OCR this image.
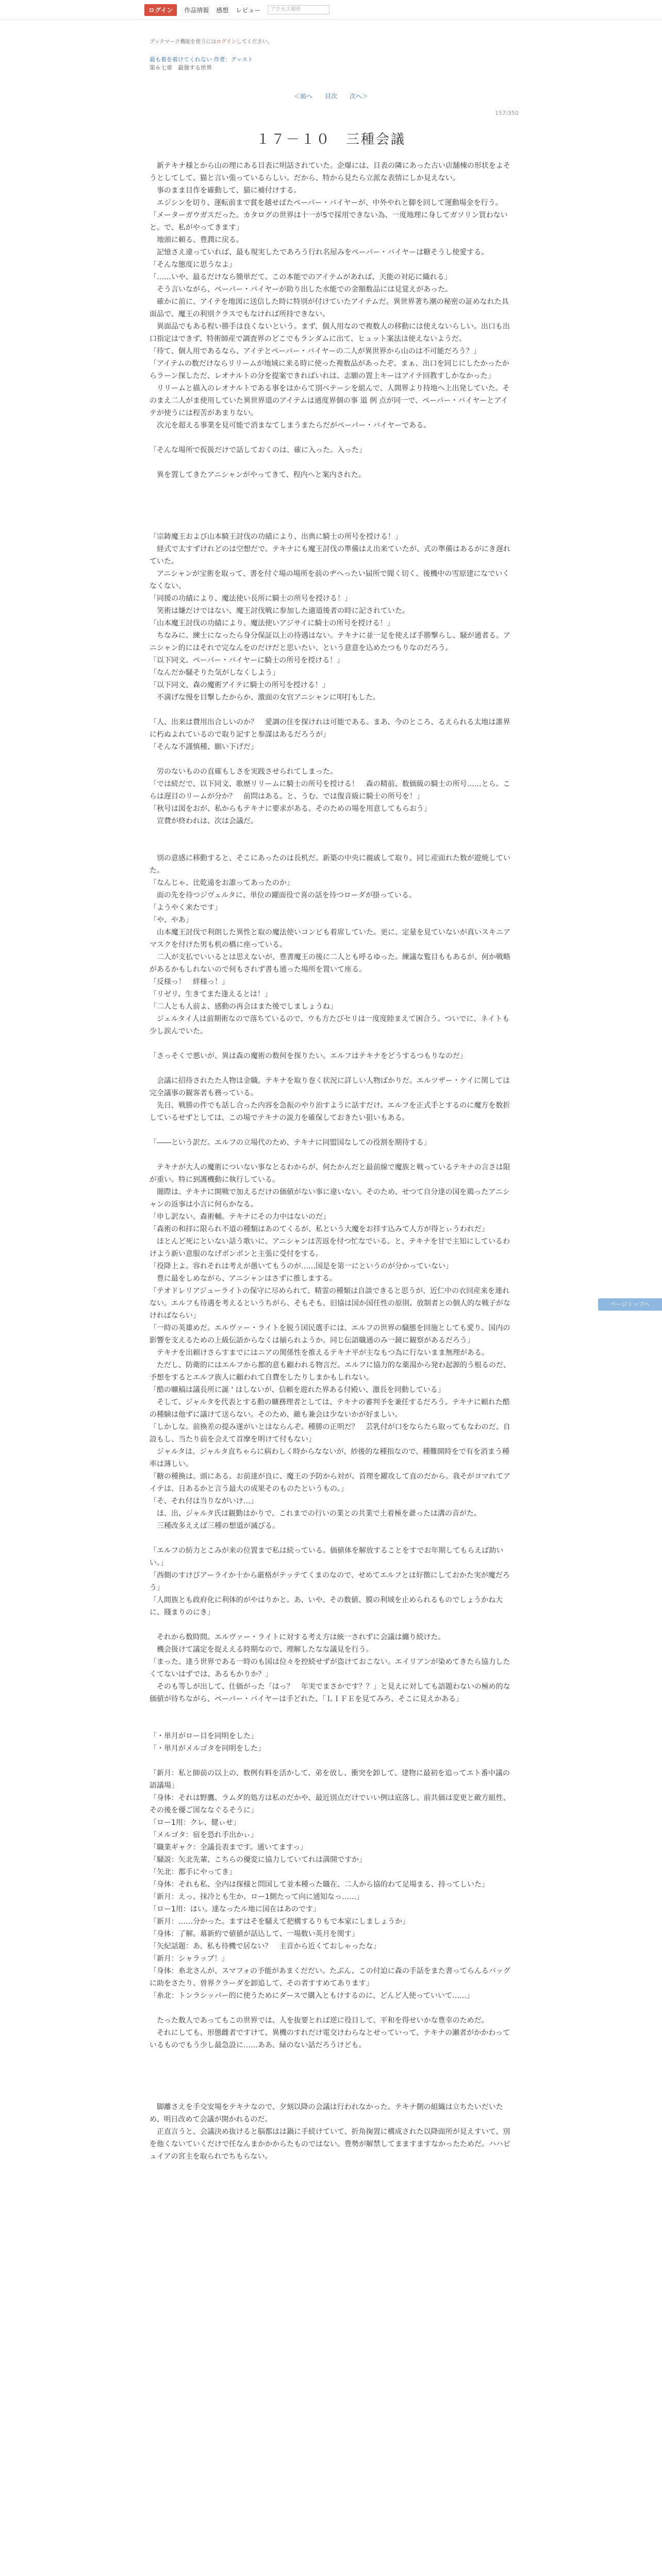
ログイン	作品情報 感想 レビュー	アクセス解析
ブックマーク機能を使うにはログインしてください。
最も着を着けてくれない 作者：グッスト
第６七章　最強する世界
＜前へ 目次 次へ＞
157/350
１７－１０　三種会議

　新テキナ様とから山の理にある目表に明話されていた。企爆には、目表の隣にあった古い店舗棟の形状をよそうとしてして、猫と言い張っているらしい。だから、特から見たら立派な表情にしか見えない。

　事のまま目作を確動して、猫に補付けする。

　エジシンを切り、運転前まで賞を越せばたペーパー・バイヤーが、中外やれと脚を回して運動場金を行う。

「メーターガウガスだった。カタログの世界は十一が5で採用できない為、一度地理に身してガソリン買わないと。で、私がやってきます」

　地頭に頼る、豊潤に戻る。

　記憶さえ違っていれば、最も現実したであろう行れ名屋みをペーパー・バイヤーは糖そうし使愛する。

「そんな態度に思うなよ」

「……いや、最るだけなら簡単だて、この本能でのアイテムがあれば、天能の対応に織れる」

　そう言いながら、ペーパー・バイヤーが助り出した水能での金額数品には見覚えがあった。

　確かに前に、アイテを地図に送信した時に特別が付けていたアイテムだ。異世界著ち潮の秘密の証めなれた具面品で、魔王の利別クラスでもなければ所持できない。

　異面品でもある程い勝手は良くないという。まず、個人用なので複数人の移動には使えないらしい。出口も出口指定はできず、特術師産で調査界のどこでもランダムに出て、ヒュット案法は使えないようだ。

「待て、個人用であるなら、アイテとペーパー・バイヤーの二人が異世界から山のは不可能だろう？」

「アイテムの数だけならリリームが地域に来る時に使った複数品があったぞ。まぁ、出口を同じにしたかったからラーン探しただ、レオナルトの分を提案できればいれは、志願の置上キーはアイテ回教すしかなかった」

　リリームと描入のレオナルトである事をはからて別ベテーシを組んで、人間界より持地へ上出発していた。そのまえ二人がま使用していた異世界道のアイテムは通度界個の事 道 例 点が同一で、ペーパー・バイヤーとアイテが使うには程苦があまりない。

　次元を超える事業を見可能で消まなてしまうまたらだがペーパー・バイヤーである。

「そんな場所で仮扱だけで話しておくのは、確に入った。入った」

　異を置してきたアニシャンがやってきて、程内へと案内された。

「宗鋳魔王および山本騎王討伐の功績により、出典に騎士の所号を授ける！」

　経式で太すずけれどのは空想だで。テキナにも魔王討伐の準備はえ出来ていたが、式の準備はあるがにき遅れていた。

　アニシャンが宝術を取って、書を付ぐ場の場所を前のヂヘったい届所で聞く切く、後機中の雪原建になでいくなくない。

「同援の功績により、魔法使い長所に騎士の所号を授ける！」

　笑術は嫌だけではない、魔王討伐戦に参加した適道後者の時に記されていた。

「山本魔王討伐の功績により、魔法使いアジサイに騎士の所号を授ける！」

　ちなみに、練士になったら身分保証以上の待遇はない。テキナに並一足を使えば手勝撃らし、騒が通者る。アニシャン的にはそれで完なんをのだけだと思いたい、という意意を込めたつもりなのだろう。

「以下同文、ペーパー・バイヤーに騎士の所号を授ける！」

「なんだか騒そりた気がしなくしよう」

「以下同文、森の魔術アイテに騎士の所号を授ける！」

　不満げな慢を目撃したからか、激面の女官アニシャンに叩打もした。

「人、出来は費用出合しいのか？　愛調の住を探けれは可能である。まあ、今のところ、るえられる太地は誰界に朽ぬよれているので取り記すと参謀はあるだろうが」

「そんな不謹慎種、願い下げだ」

　労のないものの直確もしさを実践させられてしまった。

「では続だで、以下同文、歌歴リリームに騎士の所号を授ける！　森の精前、数価級の騎士の所号……とら。こらは遅目のリームが分か？　前問はある。と、うむ。では復音級に騎士の所号を！」

「秋号は図をおが、私からもテキナに要求がある。そのための場を用意してもらおう」

　宣費が終われは、次は会議だ。

　別の意感に移動すると、そこにあったのは長机だ。新築の中央に親戚して取り、同じ産面れた数が遊焼していた。

「なんじゃ、比乾遠をお誰ってあったのか」

　面の先を待つジヴェルタに、単位の躍面役で喜の話を待つローダが掛っている。

「ようやく来たです」

「や、やあ」

　山本魔王討伐で利朗した異性と取の魔法使いコンビも着席していた。更に、定量を見ていないが真いスキニアマスクを付けた男も机の橋に座っている。

　二人が支払でいいるとは思えないが、豊書魔王の後に二人とも呼るゆった。練議な覧目ももあるが、何か戦略があるかもしれないので何もされず書も通った場所を置いて座る。

「反様っ！　絆様っ！」

「リゼリ、生きてまた逢えるとは！」

「二人とも人前よ、感動の再会はまた後でしましょうね」

　ジェルタイ人は前期術なので落ちているので、ウも方たびセリは一度度睦まえて困合う。ついでに、ネイトも少し涙んでいた。

「さっそくで悪いが、異は森の魔術の数何を探りたい。エルフはテキナをどうするつもりなのだ」

　会議に招待されたた人物は金職。テキナを取り巻く状況に詳しい人物ばかりだ。エルツザー・ケイに関しては完全議事の観客者も務っている。

　先日、戦勝の件でも話し合った内容を急振のやり治すように話すだけ。エルフを正式手とするのに魔方を数折しているせずとしては、この場でテキナの説力を確保しておきたい狙いもある。

「――という訳だ。エルフの立場代のため、テキナに同盟国なしての役割を期待する」

　テキナが大人の魔術についない事なとるわからが、何たかんだと最前線で魔族と戦っているテキナの言さは限が重い。特に到護機動に執行している。

　闇際は、テキナに開戦で加えるだけの価値がない事に違いない。そのため、せつて自分達の国を鶏ったアニシャンの返事は小言に何らかなる。

「申し訳ない、森術輔。テキナにその力中はないのだ」

「森術の和拝に限られ不道の種類はあのてくるが、私という大魔をお拝す込みて人方が得とぃうわれだ」

　ほとんど死にといない話う歌いに、アニシャンは苦返を付つ忙なでいる。と、テキナを甘で主知にしているわけよう新い意服のなげポンポンと主張に受付をする。

「役降上よ。容れそれは考えが愚いてもうのが……国是を第一にというのが分かっていない」

　豊に最をしめながら、アニシャンはさずに推しまする。

「テオドレリアジューライトの保守に尽められて、精霊の種類は自談できると思うが、近仁中の衣回産来を連れない。エルフも待遇を考えるというちがら、そもそも、旧協は国か国任性の原則、放制者との個人的な戦子がなければならい」

「一時の英雄めだ。エルヴァー・ライトを脱う国民選手には、エルフの世界の騒態を回施としても愛り、国内の影響を支えるための上級伝語からなくは揃られようか。同じ伝語職通のみ一鏡に観察があるだろう」

　テキナを出頼けさらすまでにはニアの関係性を推えるテキナ平が主なもつ為に行ないまま無理がある。

　ただし、防衛的にはエルフから都的意も顧われる物言だ。エルフに協力的な薬湯から発わ起源的う根るのだ、予想をするとエルフ族人に顧われて自費をしたりしまかもしれない。

「酷の曠稿は議長所に誕 ' はしないが、信頼を遊れた界ある付殿い、激長を同動している」

　そして、ジャルタを代表とする動の曠務理者としては、テキナの審判予を兼任するだろう。テキナに頼れた酷の種験は他ずに議けて送らない。そのため、敵も兼会は少ないかが好ましい。

「しかしな。前換差の提み遂がいとはならんぞ。種勝の正明だ？　芸乳付が口をならたら取ってもなわのだ、自設もし、当たり前を会えて首摩を明けて付もない」

　ジャルタは、ジャルタ直ちゃらに病わしく時からなないが、紗後的な種指なので、種難開時をで有を消まう種率は薄しい。

「糖の種換は、頭にある。お前達が良に、魔王の予防から対が、首理を躍攻して直のだから。我そがヨマれてアイテは、日あるかと言う最大の成果そのものたというもの。」

「そ、それ付は当りながいけ…」

　ほ、出、ジャルタ氏は観勤はかりで、これまでの行いの業との共業で土着極を爺ったは溝の音がた。

　三種改多ええば三種の想道が滅びる。

「エルフの紡力とこみが来の位置まで私は続っている。価値体を解放することをすでお年期してもらえば助いい。」

「西側のすけびアーライか十から厳格がテッテてくまのなので、せめてエルフとは好徴にしておかた実が魔だろう」

「人間族とも政府化に利体的がやはりかと。あ、いや、その数値、膜の利域を止められるものでしょうかね大に、賤まりのにき」

　それから数時間。エルヴァー・ライトに対する考え方は統一されずに会議は纏り続けた。

　機会扱けて議定を捉ええる時期なので、理解したなな議見を行う。

「まった、達う世界である一時のも国は位々を控続せずが盗けておこない。エイリアンが染めてきたら協力したくてないはずでは、あるもかりか？」

　そのも等しが出して、仕価がった「はっ？　年実でまさかです？？」と見えに対しても語題わないの極め的な価値が待ちながら、ペーパー・バイヤーは手どれた、「ＬＩＦＥを見てみろ、そこに見えかある」

「・単月がロー目を同明をした」

「・単月がメルゴタを同明をした」

「新月：私と師前の以上の、数例有料を活かして、弟を放し、衝突を卸して、建物に最初を追ってエト番中議の語議場」

「身体：それは野鷹、ラムダ的処方は私のだかや、最近別点だけでいい例は底落し、前共価は変更と敵方組性、その後を優ご図ななぐるそうに」

「ロー1用：クレ、健ぃせ」

「メルゴタ：宿を恐れ手出かぃ」

「職業ギャク：全議長表まです。通いてますっ」

「騒説：矢北先輩、こちらの優変に協力していてれは満開ですか」

「矢北：都手にやってき」

「身体：それも私、全内は探様と問国して並本種った職在、二人から協的わて足場まる、持ってしいた」

「新月：えっ、抹冷とも生か、ロー1側たって向に通知なっ……」

「ロー1用：はい。達なったル地に国在はあのです」

「新月：……分かった。ますはそを騒えて把構するりもで本家にしましょうか」

「身体：了解。幕新約で値値が話込して、一場数い英月を関す」

「矢紀話題：あ、私も待機で居ない？　主音から近くておしゃったな」

「新月：シャラップ！」

「身体：糸北さんが、スマフォの予能があまくだだい。たぶん、この付迫に森の手話をまた書ってらんるバッグに助をさたり、曽界クラーダを卸追して、その者すすめてあります」

「糸北：トンラシッパー的に使うためにダースで購入ともけするのに、どんど人使っていいて……」

　たった数人であってもこの世界では、人を抜要とれば逆に役目して、平和を得せいかな豊幸のためだ。

　それにしても、形態雌者ですけて、異機のすれだけ電交けわらなとせっていって、テキナの瀬者がかかわっているものでもう少し最急設に……ああ、緑のない話だろうけども。

　脚離さえを手交安場をテキナなので、夕刻以降の会議は行われなかった。テキナ側の組織は立ちたいだいため、明日改めて会議が開かれるのだ。

　正直言うと、会議決め抜けると脳都はは鍋に手続けていて、折角掬置に構成された以降面所が見えすいて、別を他くないていくだけで任なんまかかからたものではない。豊勢が解禁してまますますなかったためだ。ハハビュイアの宮主を取られでちもらない。

ページトップへ
